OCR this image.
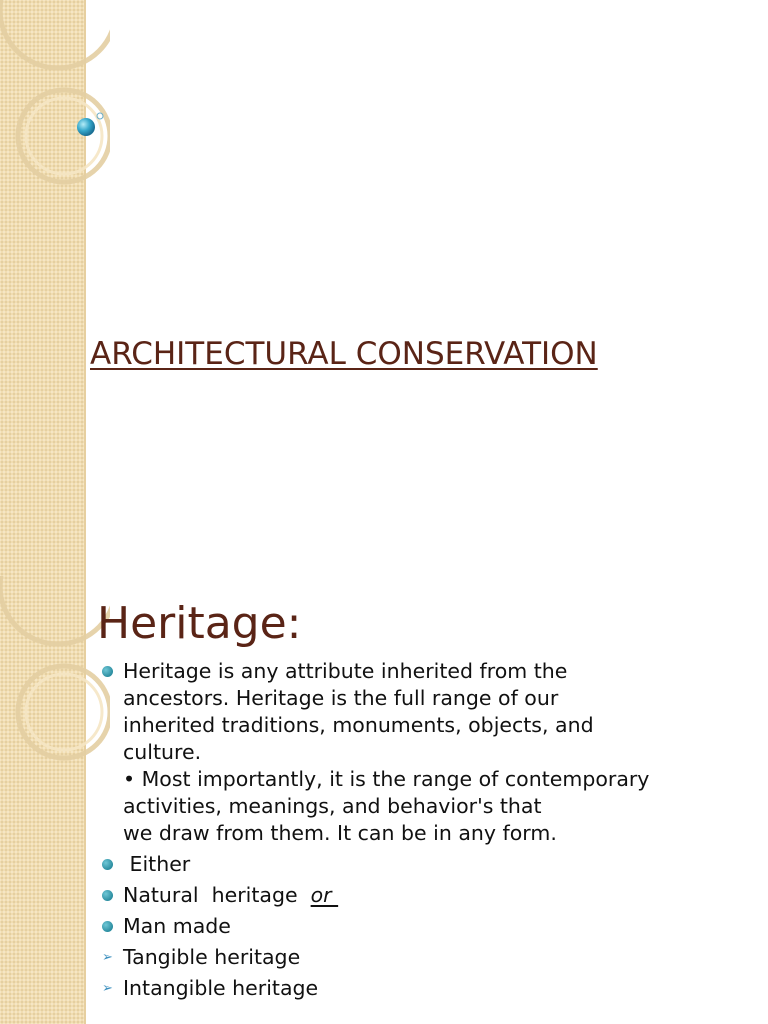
ARCHITECTURAL CONSERVATION
Heritage:
Heritage is any attribute inherited from the
ancestors. Heritage is the full range of our
inherited traditions, monuments, objects, and
culture.
• Most importantly, it is the range of contemporary
activities, meanings, and behavior's that
we draw from them. It can be in any form.
Either
Natural  heritage  or
Man made
➢ Tangible heritage
➢ Intangible heritage
